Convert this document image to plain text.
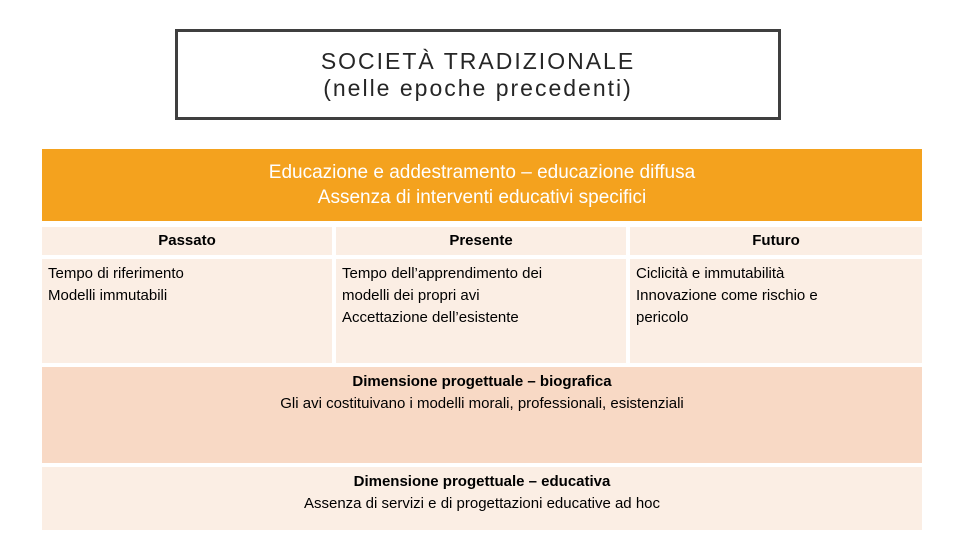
SOCIETÀ TRADIZIONALE
(nelle epoche precedenti)
Educazione e addestramento – educazione diffusa
Assenza di interventi educativi specifici
Passato	Presente	Futuro
Tempo di riferimento
Modelli immutabili
Tempo dell’apprendimento dei
modelli dei propri avi
Accettazione dell’esistente
Ciclicità e immutabilità
Innovazione come rischio e
pericolo
Dimensione progettuale – biografica
Gli avi costituivano i modelli morali, professionali, esistenziali
Dimensione progettuale – educativa
Assenza di servizi e di progettazioni educative ad hoc
